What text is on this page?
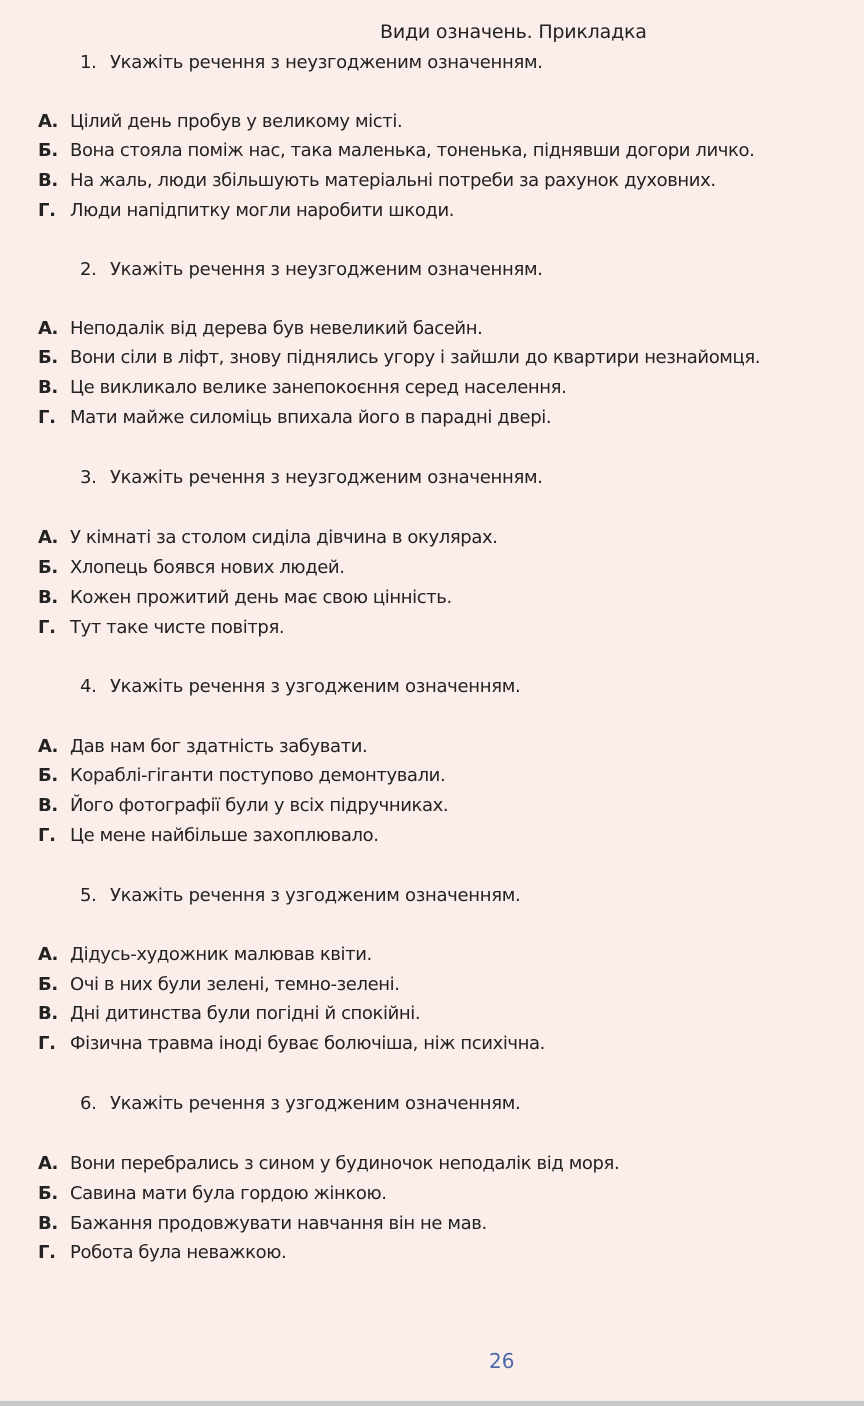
Види означень. Прикладка
1. Укажіть речення з неузгодженим означенням.
А. Цілий день пробув у великому місті.
Б. Вона стояла поміж нас, така маленька, тоненька, піднявши догори личко.
В. На жаль, люди збільшують матеріальні потреби за рахунок духовних.
Г. Люди напідпитку могли наробити шкоди.
2. Укажіть речення з неузгодженим означенням.
А. Неподалік від дерева був невеликий басейн.
Б. Вони сіли в ліфт, знову піднялись угору і зайшли до квартири незнайомця.
В. Це викликало велике занепокоєння серед населення.
Г. Мати майже силоміць впихала його в парадні двері.
3. Укажіть речення з неузгодженим означенням.
А. У кімнаті за столом сиділа дівчина в окулярах.
Б. Хлопець боявся нових людей.
В. Кожен прожитий день має свою цінність.
Г. Тут таке чисте повітря.
4. Укажіть речення з узгодженим означенням.
А. Дав нам бог здатність забувати.
Б. Кораблі-гіганти поступово демонтували.
В. Його фотографії були у всіх підручниках.
Г. Це мене найбільше захоплювало.
5. Укажіть речення з узгодженим означенням.
А. Дідусь-художник малював квіти.
Б. Очі в них були зелені, темно-зелені.
В. Дні дитинства були погідні й спокійні.
Г. Фізична травма іноді буває болючіша, ніж психічна.
6. Укажіть речення з узгодженим означенням.
А. Вони перебрались з сином у будиночок неподалік від моря.
Б. Савина мати була гордою жінкою.
В. Бажання продовжувати навчання він не мав.
Г. Робота була неважкою.
26
